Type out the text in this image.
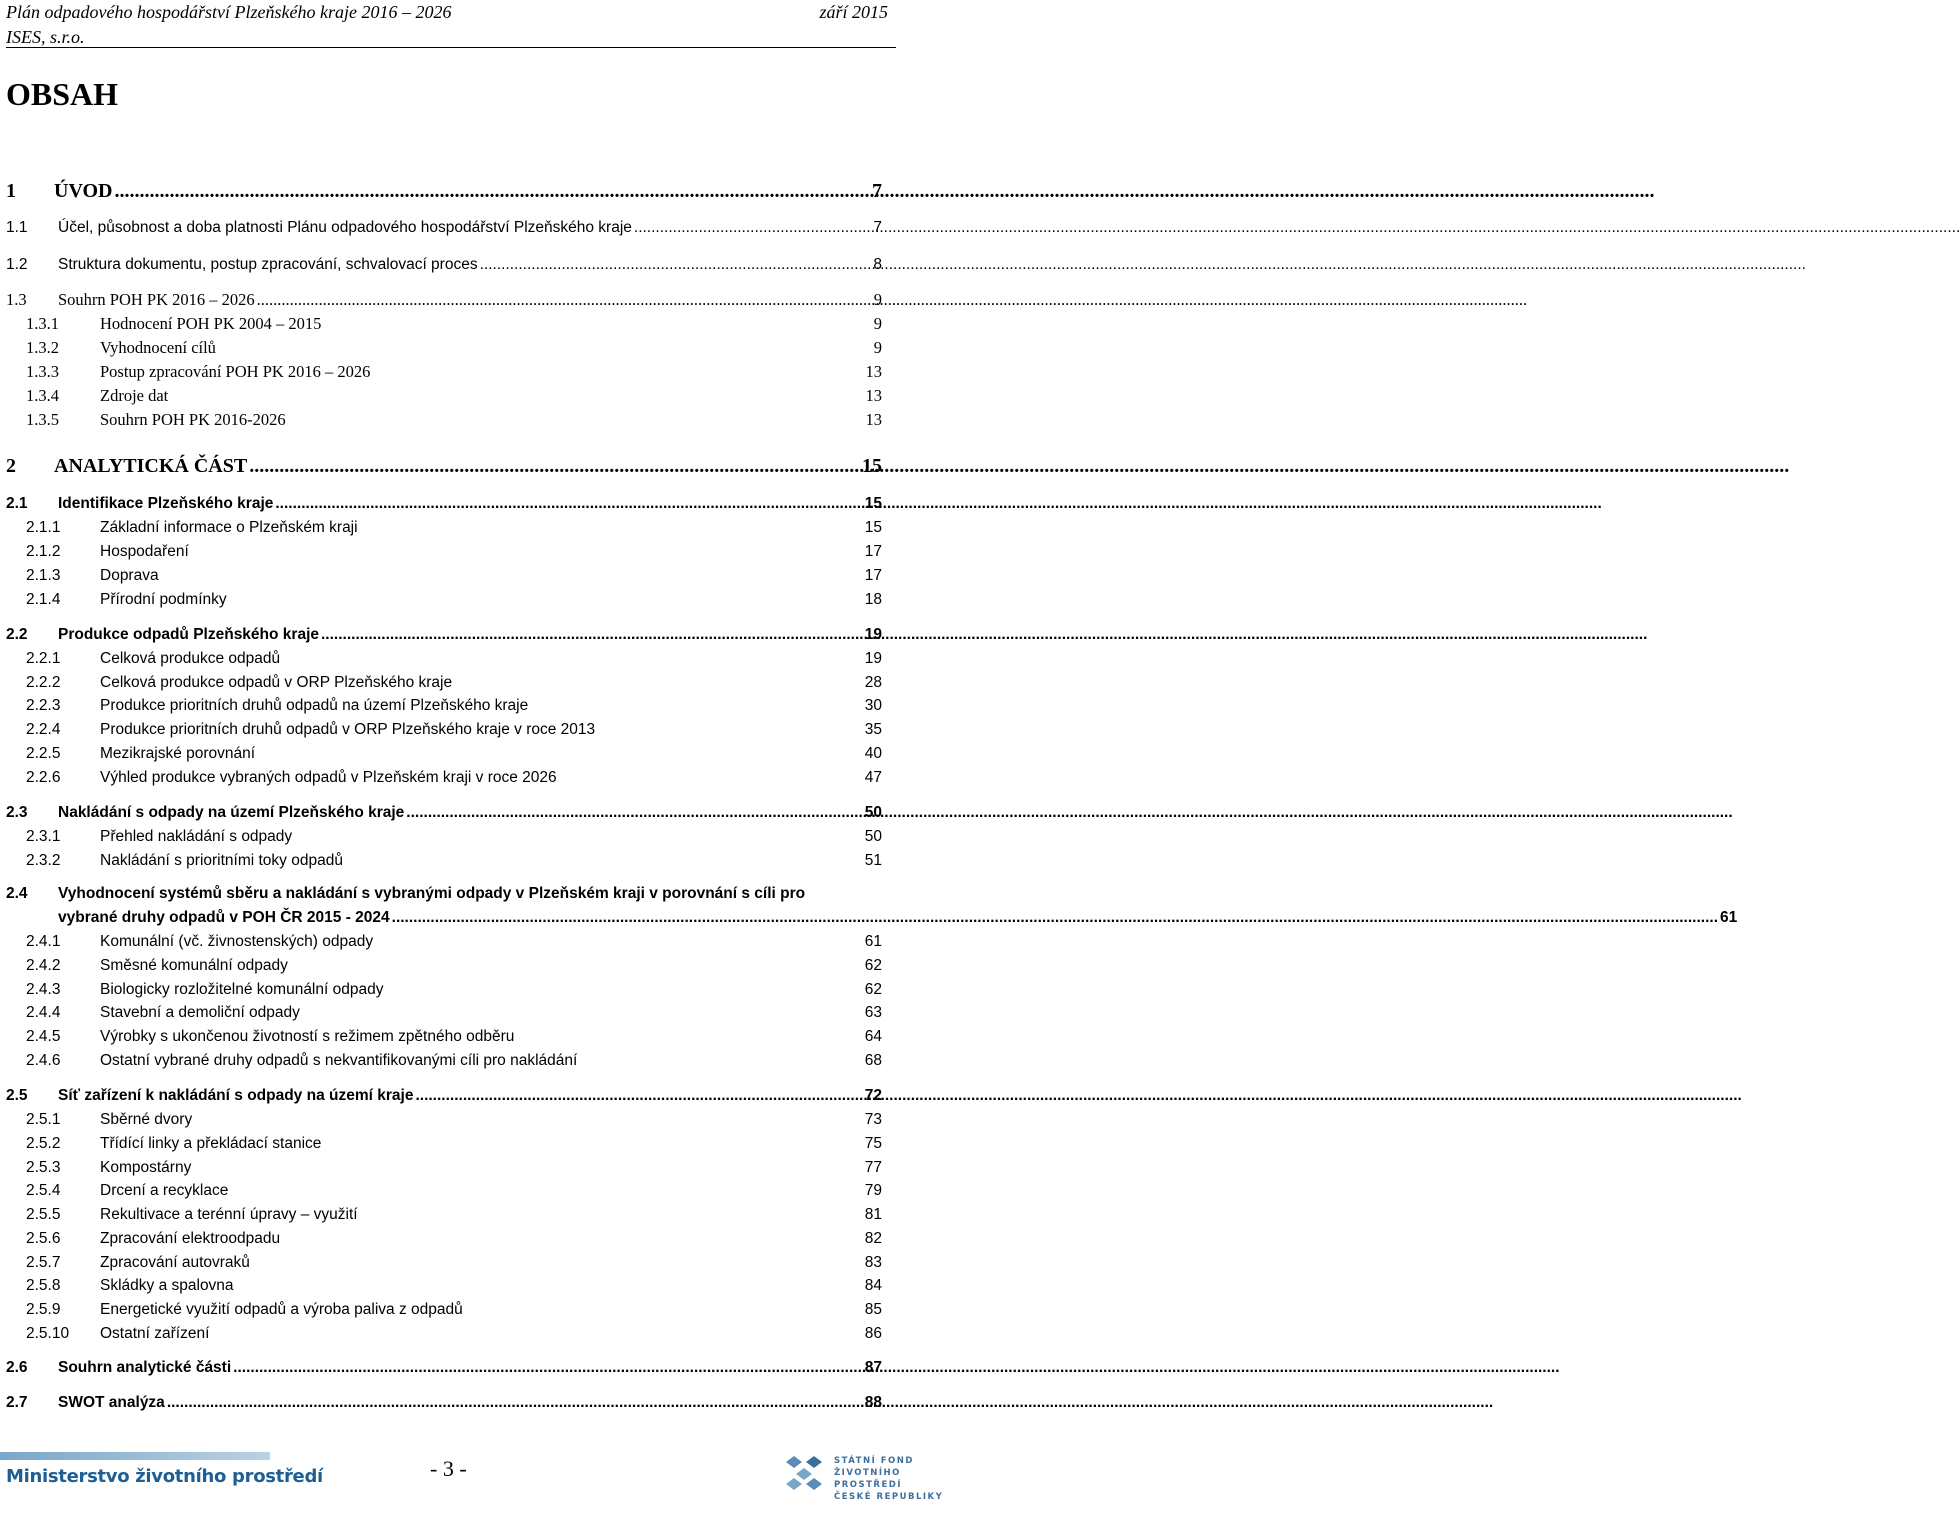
Plán odpadového hospodářství Plzeňského kraje 2016 – 2026	září 2015
ISES, s.r.o.
OBSAH
1	ÚVOD .....	7
1.1	Účel, působnost a doba platnosti Plánu odpadového hospodářství Plzeňského kraje .....	7
1.2	Struktura dokumentu, postup zpracování, schvalovací proces .....	8
1.3	Souhrn POH PK 2016 – 2026 .....	9
1.3.1	Hodnocení POH PK 2004 – 2015	9
1.3.2	Vyhodnocení cílů	9
1.3.3	Postup zpracování POH PK 2016 – 2026	13
1.3.4	Zdroje dat	13
1.3.5	Souhrn POH PK 2016-2026	13
2	ANALYTICKÁ ČÁST .....	15
2.1	Identifikace Plzeňského kraje .....	15
2.1.1	Základní informace o Plzeňském kraji	15
2.1.2	Hospodaření	17
2.1.3	Doprava	17
2.1.4	Přírodní podmínky	18
2.2	Produkce odpadů Plzeňského kraje .....	19
2.2.1	Celková produkce odpadů	19
2.2.2	Celková produkce odpadů v ORP Plzeňského kraje	28
2.2.3	Produkce prioritních druhů odpadů na území Plzeňského kraje	30
2.2.4	Produkce prioritních druhů odpadů v ORP Plzeňského kraje v roce 2013	35
2.2.5	Mezikrajské porovnání	40
2.2.6	Výhled produkce vybraných odpadů v Plzeňském kraji v roce 2026	47
2.3	Nakládání s odpady na území Plzeňského kraje .....	50
2.3.1	Přehled nakládání s odpady	50
2.3.2	Nakládání s prioritními toky odpadů	51
2.4	Vyhodnocení systémů sběru a nakládání s vybranými odpady v Plzeňském kraji v porovnání s cíli pro
vybrané druhy odpadů v POH ČR 2015 - 2024 .....	61
2.4.1	Komunální (vč. živnostenských) odpady	61
2.4.2	Směsné komunální odpady	62
2.4.3	Biologicky rozložitelné komunální odpady	62
2.4.4	Stavební a demoliční odpady	63
2.4.5	Výrobky s ukončenou životností s režimem zpětného odběru	64
2.4.6	Ostatní vybrané druhy odpadů s nekvantifikovanými cíli pro nakládání	68
2.5	Síť zařízení k nakládání s odpady na území kraje .....	72
2.5.1	Sběrné dvory	73
2.5.2	Třídící linky a překládací stanice	75
2.5.3	Kompostárny	77
2.5.4	Drcení a recyklace	79
2.5.5	Rekultivace a terénní úpravy – využití	81
2.5.6	Zpracování elektroodpadu	82
2.5.7	Zpracování autovraků	83
2.5.8	Skládky a spalovna	84
2.5.9	Energetické využití odpadů a výroba paliva z odpadů	85
2.5.10	Ostatní zařízení	86
2.6	Souhrn analytické části .....	87
2.7	SWOT analýza .....	88
Ministerstvo životního prostředí	- 3 -	STÁTNÍ FOND
ŽIVOTNÍHO PROSTŘEDÍ
ČESKÉ REPUBLIKY
